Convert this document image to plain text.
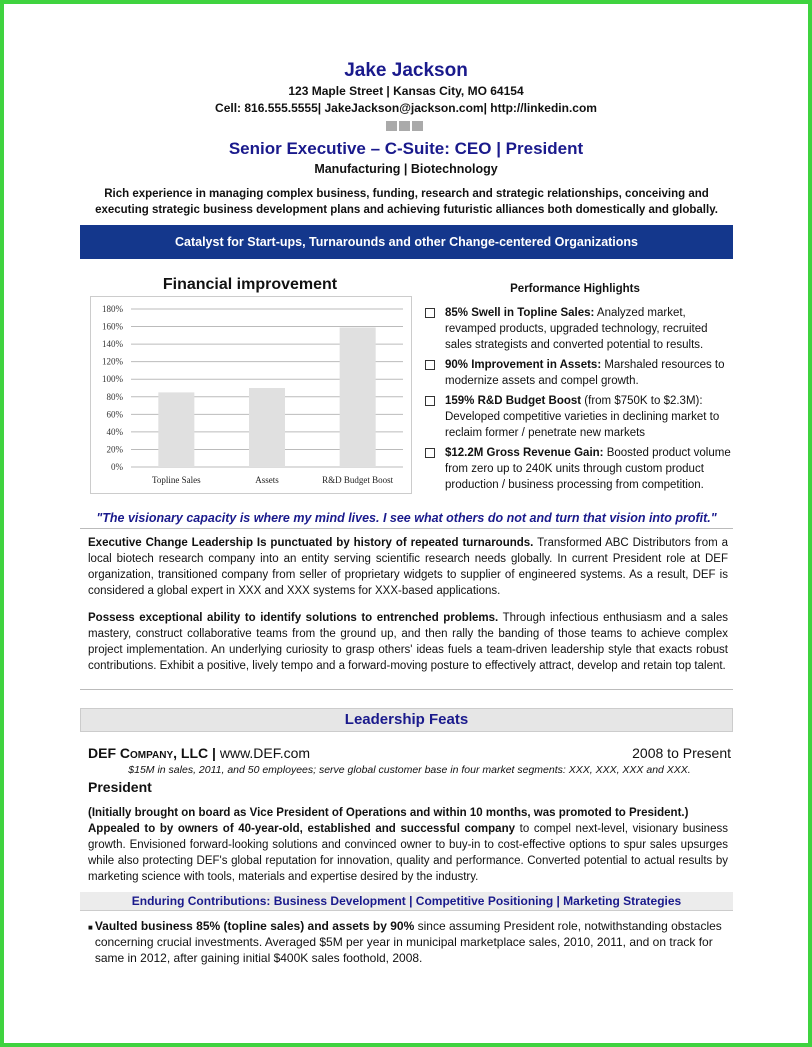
Jake Jackson
123 Maple Street | Kansas City, MO 64154
Cell: 816.555.5555| JakeJackson@jackson.com| http://linkedin.com
Senior Executive – C-Suite: CEO | President
Manufacturing | Biotechnology
Rich experience in managing complex business, funding, research and strategic relationships, conceiving and executing strategic business development plans and achieving futuristic alliances both domestically and globally.
Catalyst for Start-ups, Turnarounds and other Change-centered Organizations
Financial improvement
0%
20%
40%
60%
80%
100%
120%
140%
160%
180%
Topline Sales	Assets	R&D Budget Boost
Performance Highlights
85% Swell in Topline Sales: Analyzed market, revamped products, upgraded technology, recruited sales strategists and converted potential to results.
90% Improvement in Assets: Marshaled resources to modernize assets and compel growth.
159% R&D Budget Boost (from $750K to $2.3M): Developed competitive varieties in declining market to reclaim former / penetrate new markets
$12.2M Gross Revenue Gain: Boosted product volume from zero up to 240K units through custom product production / business processing from competition.
"The visionary capacity is where my mind lives. I see what others do not and turn that vision into profit."
Executive Change Leadership Is punctuated by history of repeated turnarounds. Transformed ABC Distributors from a local biotech research company into an entity serving scientific research needs globally. In current President role at DEF organization, transitioned company from seller of proprietary widgets to supplier of engineered systems. As a result, DEF is considered a global expert in XXX and XXX systems for XXX-based applications.
Possess exceptional ability to identify solutions to entrenched problems. Through infectious enthusiasm and a sales mastery, construct collaborative teams from the ground up, and then rally the banding of those teams to achieve complex project implementation. An underlying curiosity to grasp others' ideas fuels a team-driven leadership style that exacts robust contributions. Exhibit a positive, lively tempo and a forward-moving posture to effectively attract, develop and retain top talent.
Leadership Feats
DEF Company, LLC | www.DEF.com	2008 to Present
$15M in sales, 2011, and 50 employees; serve global customer base in four market segments: XXX, XXX, XXX and XXX.
President
(Initially brought on board as Vice President of Operations and within 10 months, was promoted to President.)
Appealed to by owners of 40-year-old, established and successful company to compel next-level, visionary business growth. Envisioned forward-looking solutions and convinced owner to buy-in to cost-effective options to spur sales upsurges while also protecting DEF's global reputation for innovation, quality and performance. Converted potential to actual results by marketing science with tools, materials and expertise desired by the industry.
Enduring Contributions: Business Development | Competitive Positioning | Marketing Strategies
■ Vaulted business 85% (topline sales) and assets by 90% since assuming President role, notwithstanding obstacles concerning crucial investments. Averaged $5M per year in municipal marketplace sales, 2010, 2011, and on track for same in 2012, after gaining initial $400K sales foothold, 2008.
